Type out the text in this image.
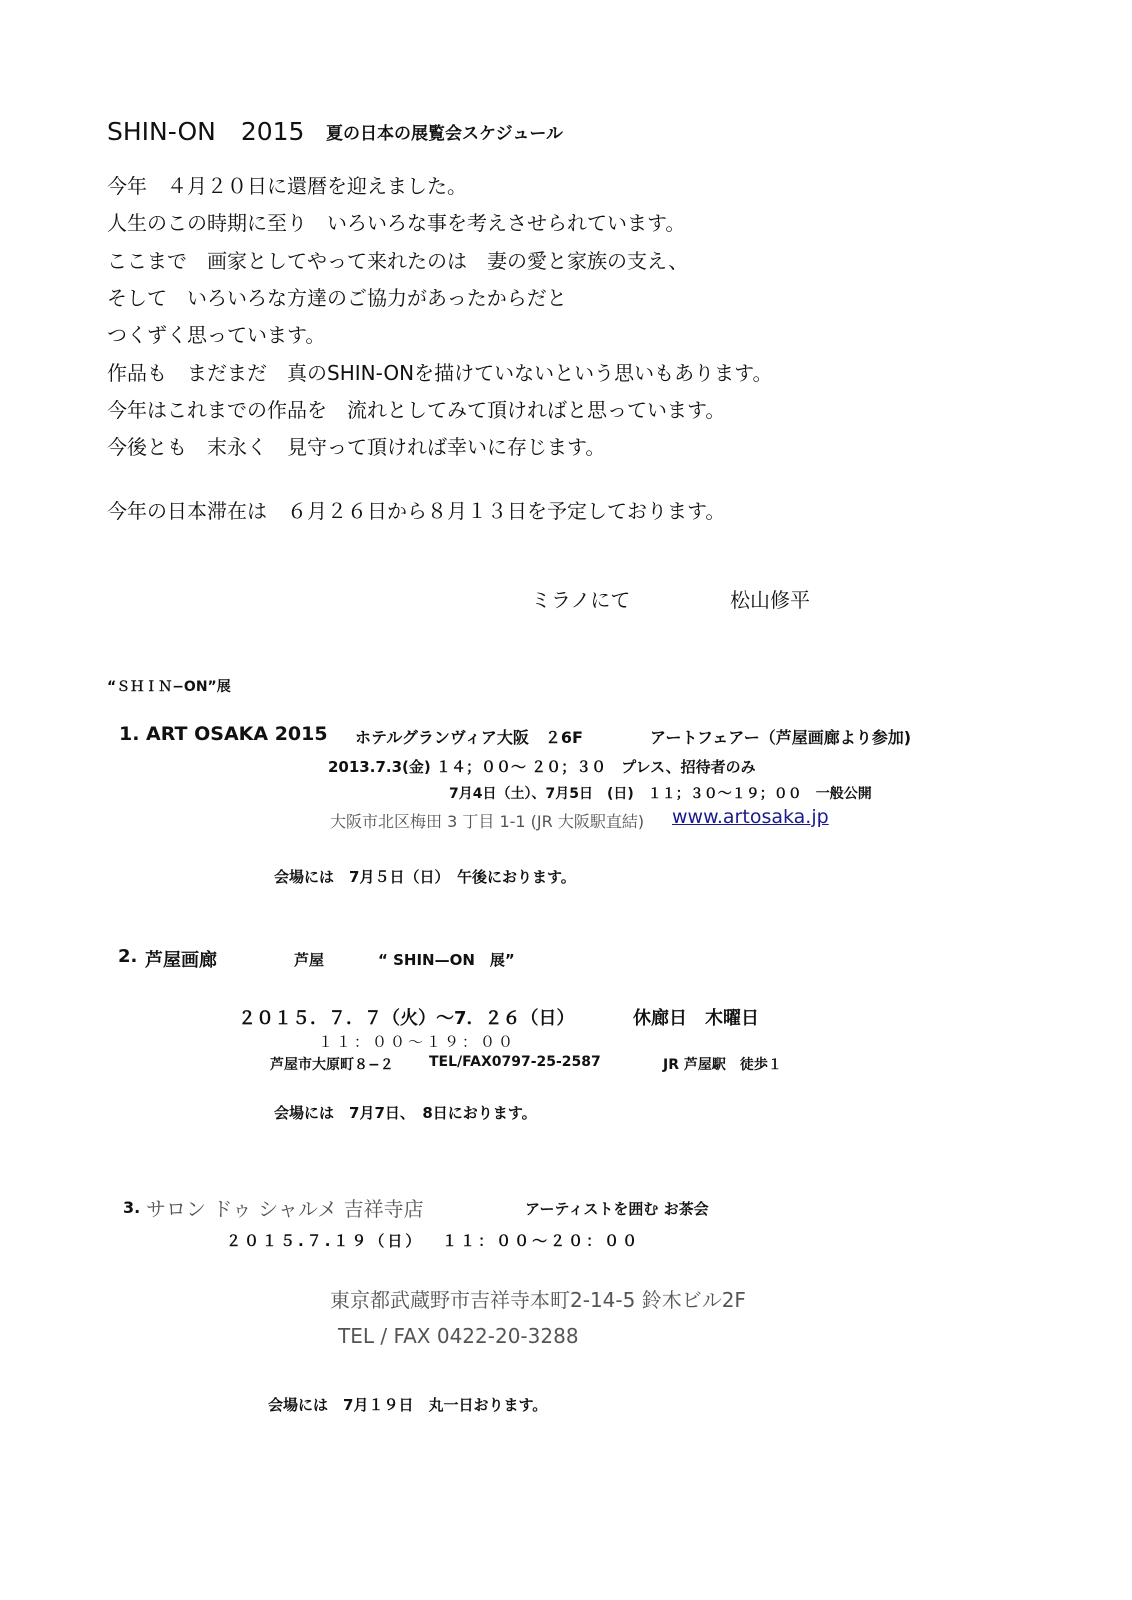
SHIN-ON　2015 夏の日本の展覧会スケジュール
今年　４月２０日に還暦を迎えました。
人生のこの時期に至り　いろいろな事を考えさせられています。
ここまで　画家としてやって来れたのは　妻の愛と家族の支え、
そして　いろいろな方達のご協力があったからだと
つくずく思っています。
作品も　まだまだ　真のSHIN-ONを描けていないという思いもあります。
今年はこれまでの作品を　流れとしてみて頂ければと思っています。
今後とも　末永く　見守って頂ければ幸いに存じます。
今年の日本滞在は　６月２６日から８月１３日を予定しております。
ミラノにて	松山修平
“ＳＨＩＮ−ON”展
1. ART OSAKA 2015 ホテルグランヴィア大阪　２6F	アートフェアー（芦屋画廊より参加)
2013.7.3(金) １４；００～ ２０；３０　プレス、招待者のみ
7月4日（土）、7月5日　(日)　１１；３０～１９；００　一般公開
大阪市北区梅田 3 丁目 1-1 (JR 大阪駅直結) www.artosaka.jp
会場には　7月５日（日）　午後におります。
2. 芦屋画廊	芦屋	“ SHIN—ON　展”
２０１５．７．７（火）～7．２６（日）	休廊日　木曜日
１１：００～１９：００
芦屋市大原町８−２	TEL/FAX0797-25-2587	JR 芦屋駅　徒歩１
会場には　7月7日、　8日におります。
3. サロン ドゥ シャルメ 吉祥寺店	アーティストを囲む お茶会
２０１５.７.１９（日）　 １１：００～２０：００
東京都武蔵野市吉祥寺本町2-14-5 鈴木ビル2F
TEL / FAX 0422-20-3288
会場には　7月１９日　丸一日おります。
